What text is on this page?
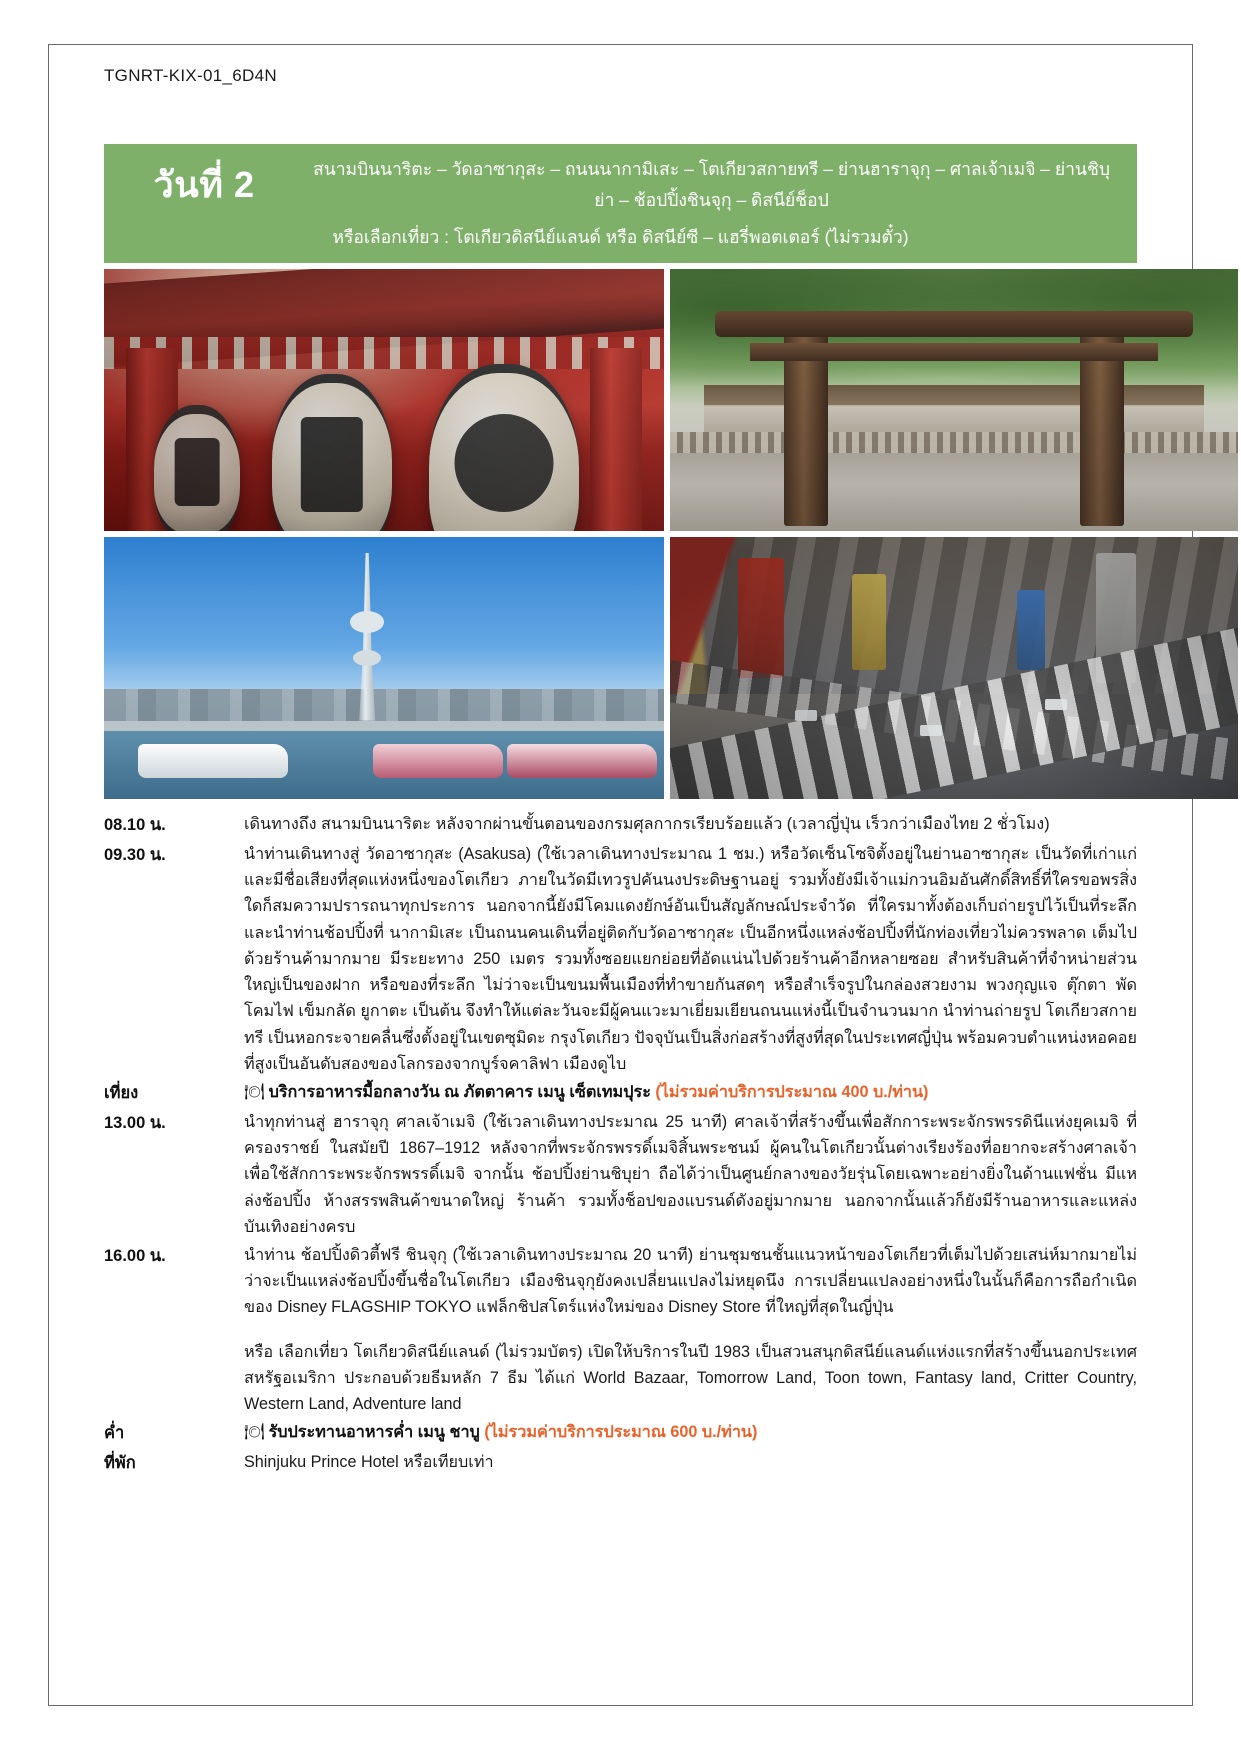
TGNRT-KIX-01_6D4N
วันที่ 2	สนามบินนาริตะ – วัดอาซากุสะ – ถนนนากามิเสะ – โตเกียวสกายทรี – ย่านฮาราจุกุ – ศาลเจ้าเมจิ – ย่านชิบุย่า – ช้อปปิ้งชินจุกุ – ดิสนีย์ช็อป
หรือเลือกเที่ยว : โตเกียวดิสนีย์แลนด์ หรือ ดิสนีย์ซี – แฮรี่พอตเตอร์ (ไม่รวมตั๋ว)
08.10 น.	เดินทางถึง สนามบินนาริตะ หลังจากผ่านขั้นตอนของกรมศุลกากรเรียบร้อยแล้ว (เวลาญี่ปุ่น เร็วกว่าเมืองไทย 2 ชั่วโมง)
09.30 น.	นำท่านเดินทางสู่ วัดอาซากุสะ (Asakusa) (ใช้เวลาเดินทางประมาณ 1 ชม.) หรือวัดเซ็นโซจิตั้งอยู่ในย่านอาซากุสะ เป็นวัดที่เก่าแก่และมีชื่อเสียงที่สุดแห่งหนึ่งของโตเกียว ภายในวัดมีเทวรูปคันนงประดิษฐานอยู่ รวมทั้งยังมีเจ้าแม่กวนอิมอันศักดิ์สิทธิ์ที่ใครขอพรสิ่งใดก็สมความปรารถนาทุกประการ นอกจากนี้ยังมีโคมแดงยักษ์อันเป็นสัญลักษณ์ประจำวัด ที่ใครมาทั้งต้องเก็บถ่ายรูปไว้เป็นที่ระลึก และนำท่านช้อปปิ้งที่ นากามิเสะ เป็นถนนคนเดินที่อยู่ติดกับวัดอาซากุสะ เป็นอีกหนึ่งแหล่งช้อปปิ้งที่นักท่องเที่ยวไม่ควรพลาด เต็มไปด้วยร้านค้ามากมาย มีระยะทาง 250 เมตร รวมทั้งซอยแยกย่อยที่อัดแน่นไปด้วยร้านค้าอีกหลายซอย สำหรับสินค้าที่จำหน่ายส่วนใหญ่เป็นของฝาก หรือของที่ระลึก ไม่ว่าจะเป็นขนมพื้นเมืองที่ทำขายกันสดๆ หรือสำเร็จรูปในกล่องสวยงาม พวงกุญแจ ตุ๊กตา พัด โคมไฟ เข็มกลัด ยูกาตะ เป็นต้น จึงทำให้แต่ละวันจะมีผู้คนแวะมาเยี่ยมเยียนถนนแห่งนี้เป็นจำนวนมาก นำท่านถ่ายรูป โตเกียวสกายทรี เป็นหอกระจายคลื่นซึ่งตั้งอยู่ในเขตซุมิดะ กรุงโตเกียว ปัจจุบันเป็นสิ่งก่อสร้างที่สูงที่สุดในประเทศญี่ปุ่น พร้อมควบตำแหน่งหอคอยที่สูงเป็นอันดับสองของโลกรองจากบูร์จคาลิฟา เมืองดูไบ
เที่ยง	🍽 บริการอาหารมื้อกลางวัน ณ ภัตตาคาร เมนู เซ็ตเทมปุระ (ไม่รวมค่าบริการประมาณ 400 บ./ท่าน)
13.00 น.	นำทุกท่านสู่ ฮาราจุกุ ศาลเจ้าเมจิ (ใช้เวลาเดินทางประมาณ 25 นาที) ศาลเจ้าที่สร้างขึ้นเพื่อสักการะพระจักรพรรดินีแห่งยุคเมจิ ที่ครองราชย์ ในสมัยปี 1867–1912 หลังจากที่พระจักรพรรดิ์เมจิสิ้นพระชนม์ ผู้คนในโตเกียวนั้นต่างเรียงร้องที่อยากจะสร้างศาลเจ้าเพื่อใช้สักการะพระจักรพรรดิ์เมจิ จากนั้น ช้อปปิ้งย่านชิบุย่า ถือได้ว่าเป็นศูนย์กลางของวัยรุ่นโดยเฉพาะอย่างยิ่งในด้านแฟชั่น มีแหล่งช้อปปิ้ง ห้างสรรพสินค้าขนาดใหญ่ ร้านค้า รวมทั้งช็อปของแบรนด์ดังอยู่มากมาย นอกจากนั้นแล้วก็ยังมีร้านอาหารและแหล่งบันเทิงอย่างครบ
16.00 น.	นำท่าน ช้อปปิ้งดิวตี้ฟรี ชินจุกุ (ใช้เวลาเดินทางประมาณ 20 นาที) ย่านชุมชนชั้นแนวหน้าของโตเกียวที่เต็มไปด้วยเสน่ห์มากมายไม่ว่าจะเป็นแหล่งช้อปปิ้งขึ้นชื่อในโตเกียว เมืองชินจุกุยังคงเปลี่ยนแปลงไม่หยุดนึง การเปลี่ยนแปลงอย่างหนึ่งในนั้นก็คือการถือกำเนิดของ Disney FLAGSHIP TOKYO แฟล็กชิปสโตร์แห่งใหม่ของ Disney Store ที่ใหญ่ที่สุดในญี่ปุ่น
หรือ เลือกเที่ยว โตเกียวดิสนีย์แลนด์ (ไม่รวมบัตร) เปิดให้บริการในปี 1983 เป็นสวนสนุกดิสนีย์แลนด์แห่งแรกที่สร้างขึ้นนอกประเทศสหรัฐอเมริกา ประกอบด้วยธีมหลัก 7 ธีม ได้แก่ World Bazaar, Tomorrow Land, Toon town, Fantasy land, Critter Country, Western Land, Adventure land
ค่ำ	🍽 รับประทานอาหารค่ำ เมนู ชาบู (ไม่รวมค่าบริการประมาณ 600 บ./ท่าน)
ที่พัก	Shinjuku Prince Hotel หรือเทียบเท่า
